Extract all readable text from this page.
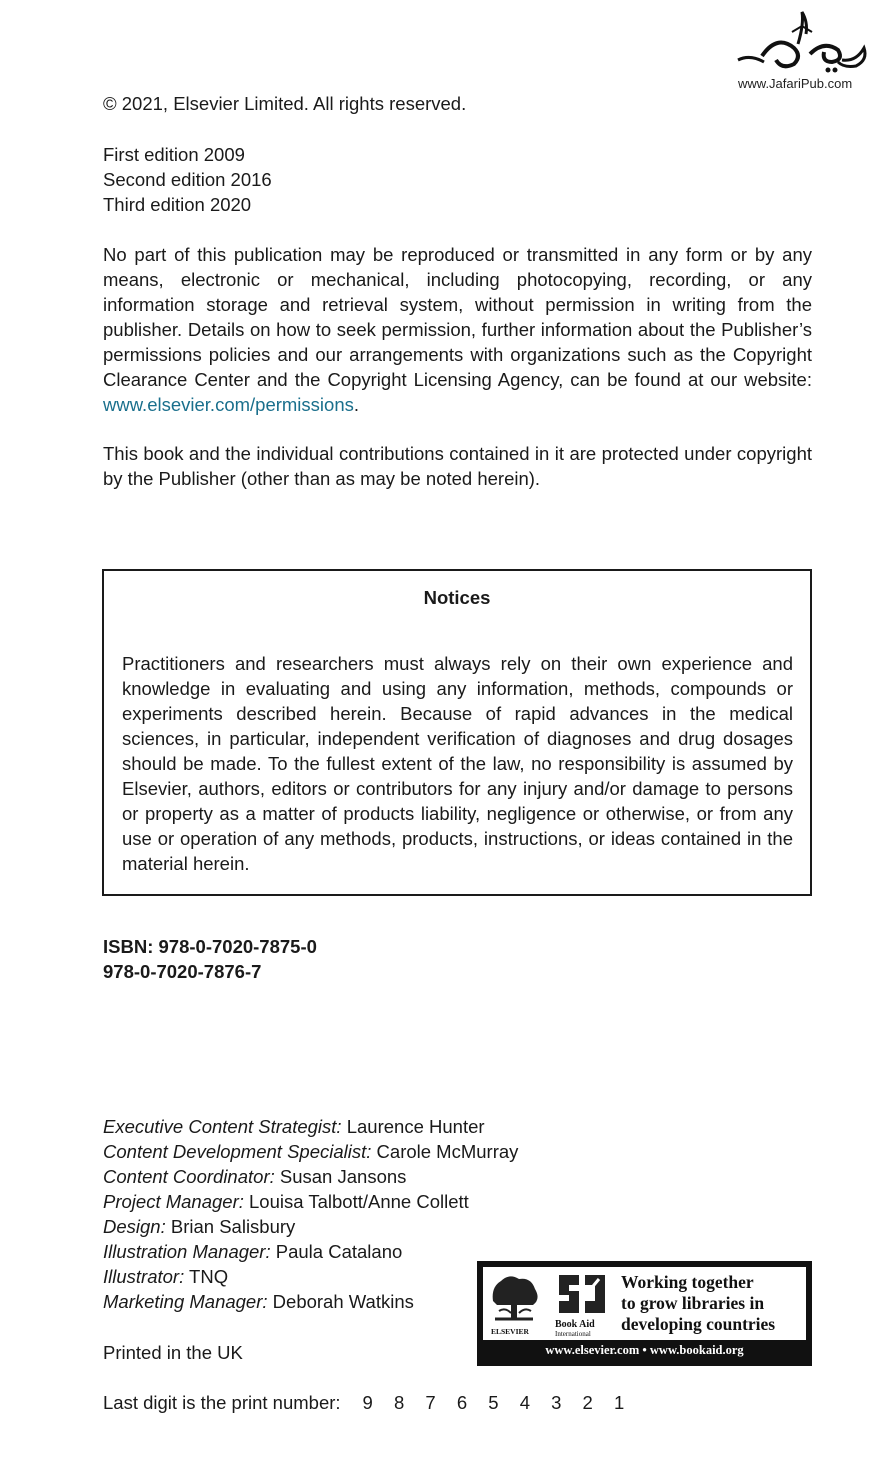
www.JafariPub.com
© 2021, Elsevier Limited. All rights reserved.
First edition 2009
Second edition 2016
Third edition 2020
No part of this publication may be reproduced or transmitted in any form or by any means, electronic or mechanical, including photocopying, recording, or any information storage and retrieval system, without permission in writing from the publisher. Details on how to seek permission, further information about the Publisher’s permissions policies and our arrangements with organizations such as the Copyright Clearance Center and the Copyright Licensing Agency, can be found at our website: www.elsevier.com/permissions.
This book and the individual contributions contained in it are protected under copyright by the Publisher (other than as may be noted herein).
Notices
Practitioners and researchers must always rely on their own experience and knowledge in evaluating and using any information, methods, compounds or experiments described herein. Because of rapid advances in the medical sciences, in particular, independent verification of diagnoses and drug dosages should be made. To the fullest extent of the law, no responsibility is assumed by Elsevier, authors, editors or contributors for any injury and/or damage to persons or property as a matter of products liability, negligence or otherwise, or from any use or operation of any methods, products, instructions, or ideas contained in the material herein.
ISBN: 978-0-7020-7875-0
978-0-7020-7876-7
Executive Content Strategist: Laurence Hunter
Content Development Specialist: Carole McMurray
Content Coordinator: Susan Jansons
Project Manager: Louisa Talbott/Anne Collett
Design: Brian Salisbury
Illustration Manager: Paula Catalano
Illustrator: TNQ
Marketing Manager: Deborah Watkins
ELSEVIER
Book Aid
International
Working together
to grow libraries in
developing countries
www.elsevier.com • www.bookaid.org
Printed in the UK
Last digit is the print number: 9 8 7 6 5 4 3 2 1
